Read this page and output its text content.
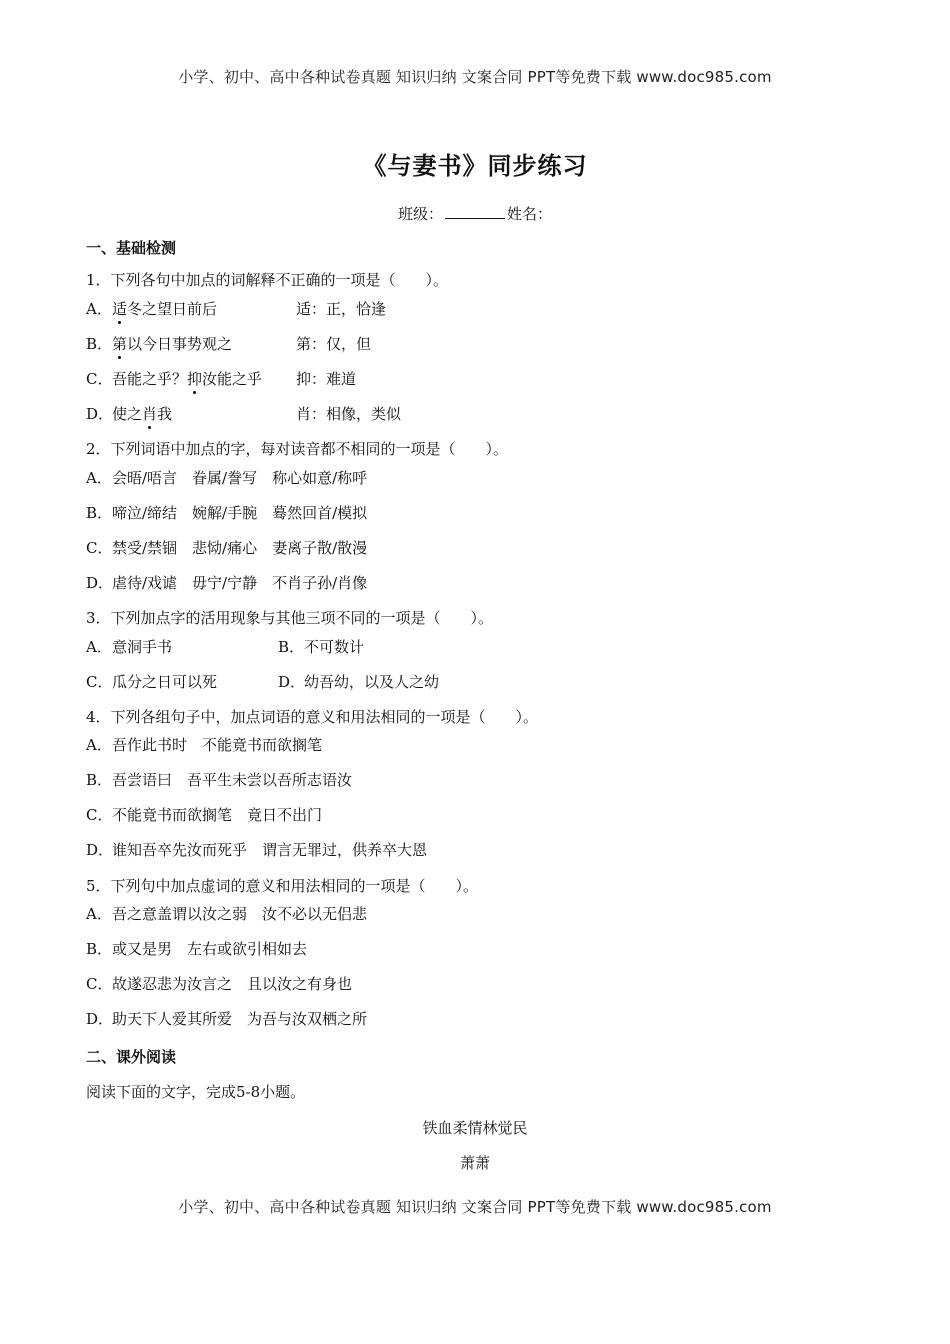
小学、初中、高中各种试卷真题 知识归纳 文案合同 PPT等免费下载 www.doc985.com
《与妻书》同步练习
班级：	姓名：
一、基础检测
1．下列各句中加点的词解释不正确的一项是（　　）。
A．适冬之望日前后	适：正，恰逢
B．第以今日事势观之	第：仅，但
C．吾能之乎？抑汝能之乎 抑：难道
D．使之肖我	肖：相像，类似
2．下列词语中加点的字，每对读音都不相同的一项是（　　）。
A．会晤/唔言　眷属/誊写　称心如意/称呼
B．啼泣/缔结　婉解/手腕　蓦然回首/模拟
C．禁受/禁锢　悲恸/痛心　妻离子散/散漫
D．虐待/戏谑　毋宁/宁静　不肖子孙/肖像
3．下列加点字的活用现象与其他三项不同的一项是（　　）。
A．意洞手书	B．不可数计
C．瓜分之日可以死	D．幼吾幼，以及人之幼
4．下列各组句子中，加点词语的意义和用法相同的一项是（　　）。
A．吾作此书时　不能竟书而欲搁笔
B．吾尝语曰　吾平生未尝以吾所志语汝
C．不能竟书而欲搁笔　竟日不出门
D．谁知吾卒先汝而死乎　谓言无罪过，供养卒大恩
5．下列句中加点虚词的意义和用法相同的一项是（　　）。
A．吾之意盖谓以汝之弱　汝不必以无侣悲
B．或又是男　左右或欲引相如去
C．故遂忍悲为汝言之　且以汝之有身也
D．助天下人爱其所爱　为吾与汝双栖之所
二、课外阅读
阅读下面的文字，完成5-8小题。
铁血柔情林觉民
萧萧
小学、初中、高中各种试卷真题 知识归纳 文案合同 PPT等免费下载 www.doc985.com
